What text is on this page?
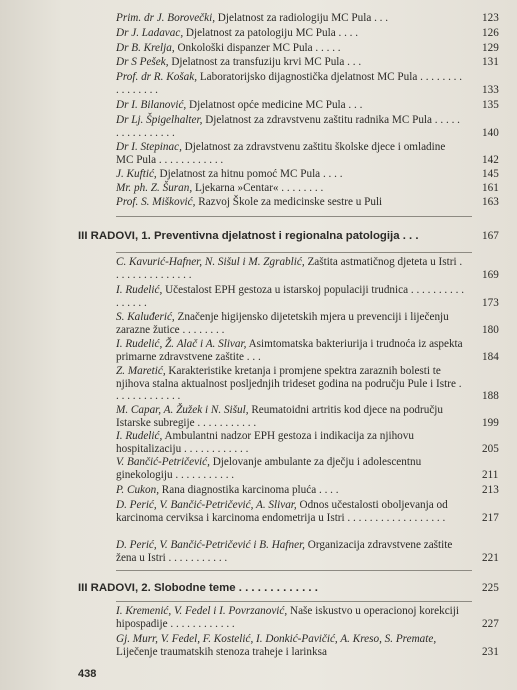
Prim. dr J. Borovečki, Djelatnost za radiologiju MC Pula . . .	123
Dr J. Ladavac, Djelatnost za patologiju MC Pula . . . .	126
Dr B. Krelja, Onkološki dispanzer MC Pula . . . . .	129
Dr S Pešek, Djelatnost za transfuziju krvi MC Pula . . .	131
Prof. dr R. Košak, Laboratorijsko dijagnostička djelatnost MC Pula . . . . . . . . . . . . . . . .	133
Dr I. Bilanović, Djelatnost opće medicine MC Pula . . .	135
Dr Lj. Špigelhalter, Djelatnost za zdravstvenu zaštitu radnika MC Pula . . . . . . . . . . . . . . . .	140
Dr I. Stepinac, Djelatnost za zdravstvenu zaštitu školske djece i omladine MC Pula . . . . . . . . . . . .	142
J. Kuftić, Djelatnost za hitnu pomoć MC Pula . . . .	145
Mr. ph. Z. Šuran, Ljekarna »Centar« . . . . . . . .	161
Prof. S. Mišković, Razvoj Škole za medicinske sestre u Puli	163
III RADOVI, 1. Preventivna djelatnost i regionalna patologija . . .	167
C. Kavurić-Hafner, N. Sišul i M. Zgrablić, Zaštita astmatičnog djeteta u Istri . . . . . . . . . . . . . . .	169
I. Rudelić, Učestalost EPH gestoza u istarskoj populaciji trudnica . . . . . . . . . . . . . . . .	173
S. Kaluđerić, Značenje higijensko dijetetskih mjera u prevenciji i liječenju zarazne žutice . . . . . . . .	180
I. Rudelić, Ž. Alač i A. Slivar, Asimtomatska bakteriurija i trudnoća iz aspekta primarne zdravstvene zaštite . . .	184
Z. Maretić, Karakteristike kretanja i promjene spektra zaraznih bolesti te njihova stalna aktualnost posljednjih trideset godina na području Pule i Istre . . . . . . . . . . . . .	188
M. Capar, A. Žužek i N. Sišul, Reumatoidni artritis kod djece na području Istarske subregije . . . . . . . . . . .	199
I. Rudelić, Ambulantni nadzor EPH gestoza i indikacija za njihovu hospitalizaciju . . . . . . . . . . . .	205
V. Bančić-Petričević, Djelovanje ambulante za dječju i adolescentnu ginekologiju . . . . . . . . . . .	211
P. Cukon, Rana diagnostika karcinoma pluća . . . .	213
D. Perić, V. Bančić-Petričević, A. Slivar, Odnos učestalosti oboljevanja od karcinoma cerviksa i karcinoma endometrija u Istri . . . . . . . . . . . . . . . . . .	217
D. Perić, V. Bančić-Petričević i B. Hafner, Organizacija zdravstvene zaštite žena u Istri . . . . . . . . . . .	221
III RADOVI, 2. Slobodne teme . . . . . . . . . . . . .	225
I. Kremenić, V. Fedel i I. Povrzanović, Naše iskustvo u operacionoj korekciji hipospadije . . . . . . . . . . . .	227
Gj. Murr, V. Fedel, F. Kostelić, I. Donkić-Pavičić, A. Kreso, S. Premate, Liječenje traumatskih stenoza traheje i larinksa	231
438
